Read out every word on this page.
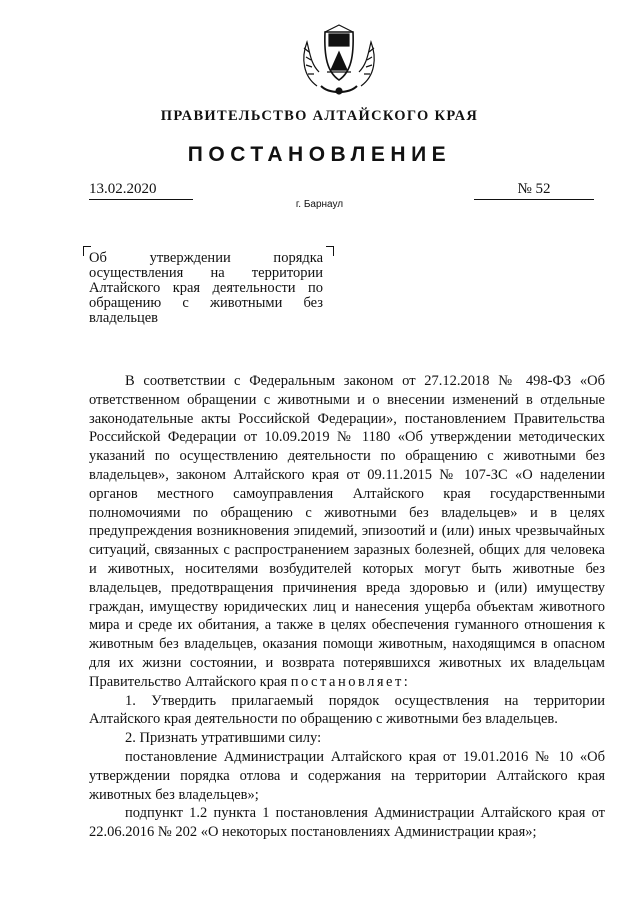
ПРАВИТЕЛЬСТВО АЛТАЙСКОГО КРАЯ
ПОСТАНОВЛЕНИЕ
13.02.2020	№ 52
г. Барнаул
Об утверждении порядка осуществления на территории Алтайского края деятельности по обращению с животными без владельцев

В соответствии с Федеральным законом от 27.12.2018 № 498-ФЗ «Об ответственном обращении с животными и о внесении изменений в отдельные законодательные акты Российской Федерации», постановлением Правительства Российской Федерации от 10.09.2019 № 1180 «Об утверждении методических указаний по осуществлению деятельности по обращению с животными без владельцев», законом Алтайского края от 09.11.2015 № 107-ЗС «О наделении органов местного самоуправления Алтайского края государственными полномочиями по обращению с животными без владельцев» и в целях предупреждения возникновения эпидемий, эпизоотий и (или) иных чрезвычайных ситуаций, связанных с распространением заразных болезней, общих для человека и животных, носителями возбудителей которых могут быть животные без владельцев, предотвращения причинения вреда здоровью и (или) имуществу граждан, имуществу юридических лиц и нанесения ущерба объектам животного мира и среде их обитания, а также в целях обеспечения гуманного отношения к животным без владельцев, оказания помощи животным, находящимся в опасном для их жизни состоянии, и возврата потерявшихся животных их владельцам Правительство Алтайского края постановляет:

1. Утвердить прилагаемый порядок осуществления на территории Алтайского края деятельности по обращению с животными без владельцев.

2. Признать утратившими силу:

постановление Администрации Алтайского края от 19.01.2016 № 10 «Об утверждении порядка отлова и содержания на территории Алтайского края животных без владельцев»;

подпункт 1.2 пункта 1 постановления Администрации Алтайского края от 22.06.2016 № 202 «О некоторых постановлениях Администрации края»;
